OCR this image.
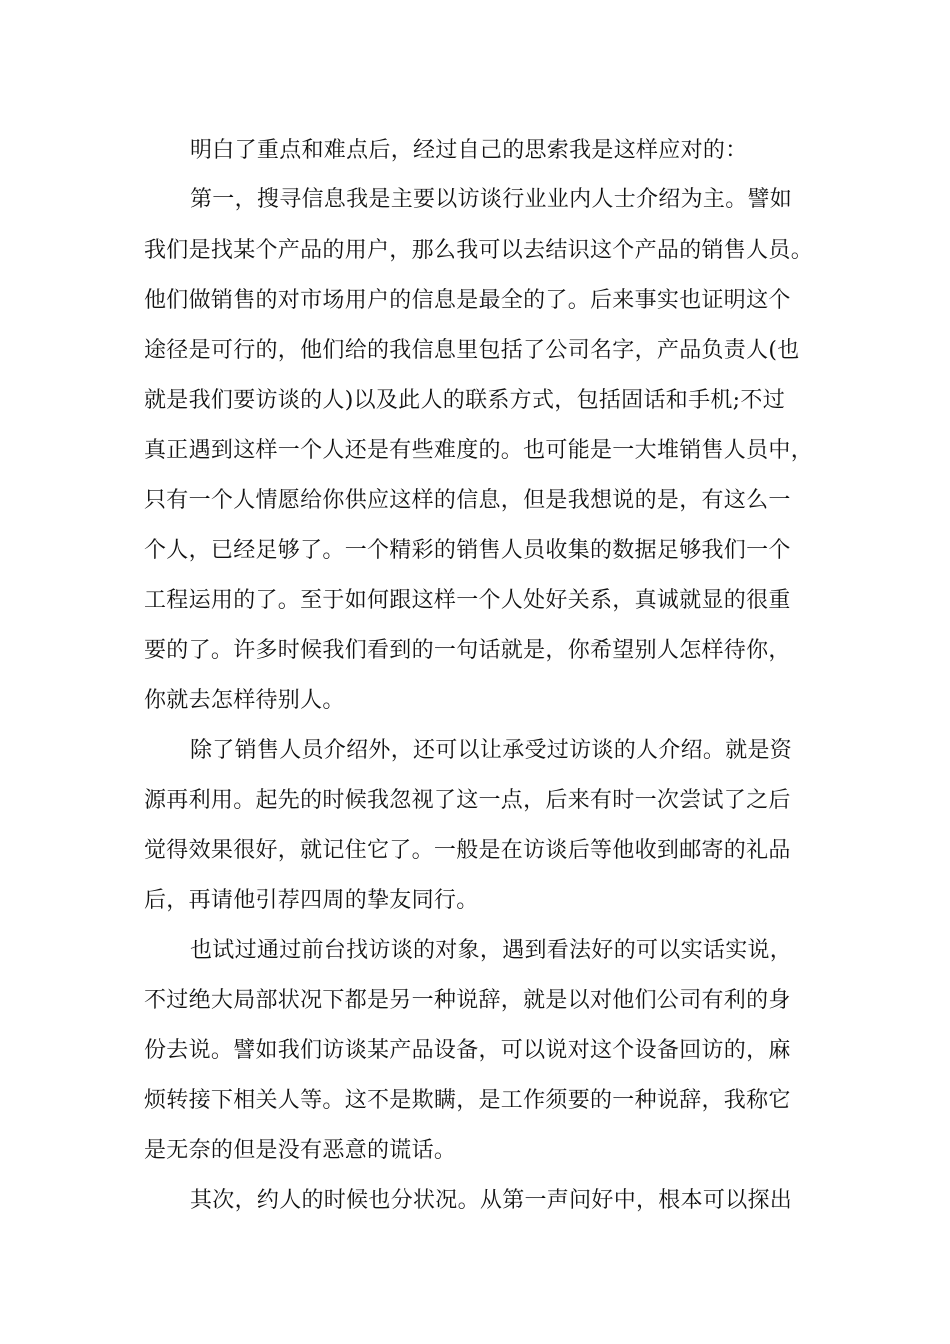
明白了重点和难点后，经过自己的思索我是这样应对的：
第一，搜寻信息我是主要以访谈行业业内人士介绍为主。譬如
我们是找某个产品的用户，那么我可以去结识这个产品的销售人员。
他们做销售的对市场用户的信息是最全的了。后来事实也证明这个
途径是可行的，他们给的我信息里包括了公司名字，产品负责人(也
就是我们要访谈的人)以及此人的联系方式，包括固话和手机;不过
真正遇到这样一个人还是有些难度的。也可能是一大堆销售人员中，
只有一个人情愿给你供应这样的信息，但是我想说的是，有这么一
个人，已经足够了。一个精彩的销售人员收集的数据足够我们一个
工程运用的了。至于如何跟这样一个人处好关系，真诚就显的很重
要的了。许多时候我们看到的一句话就是，你希望别人怎样待你，
你就去怎样待别人。
除了销售人员介绍外，还可以让承受过访谈的人介绍。就是资
源再利用。起先的时候我忽视了这一点，后来有时一次尝试了之后
觉得效果很好，就记住它了。一般是在访谈后等他收到邮寄的礼品
后，再请他引荐四周的挚友同行。
也试过通过前台找访谈的对象，遇到看法好的可以实话实说，
不过绝大局部状况下都是另一种说辞，就是以对他们公司有利的身
份去说。譬如我们访谈某产品设备，可以说对这个设备回访的，麻
烦转接下相关人等。这不是欺瞒，是工作须要的一种说辞，我称它
是无奈的但是没有恶意的谎话。
其次，约人的时候也分状况。从第一声问好中，根本可以探出
